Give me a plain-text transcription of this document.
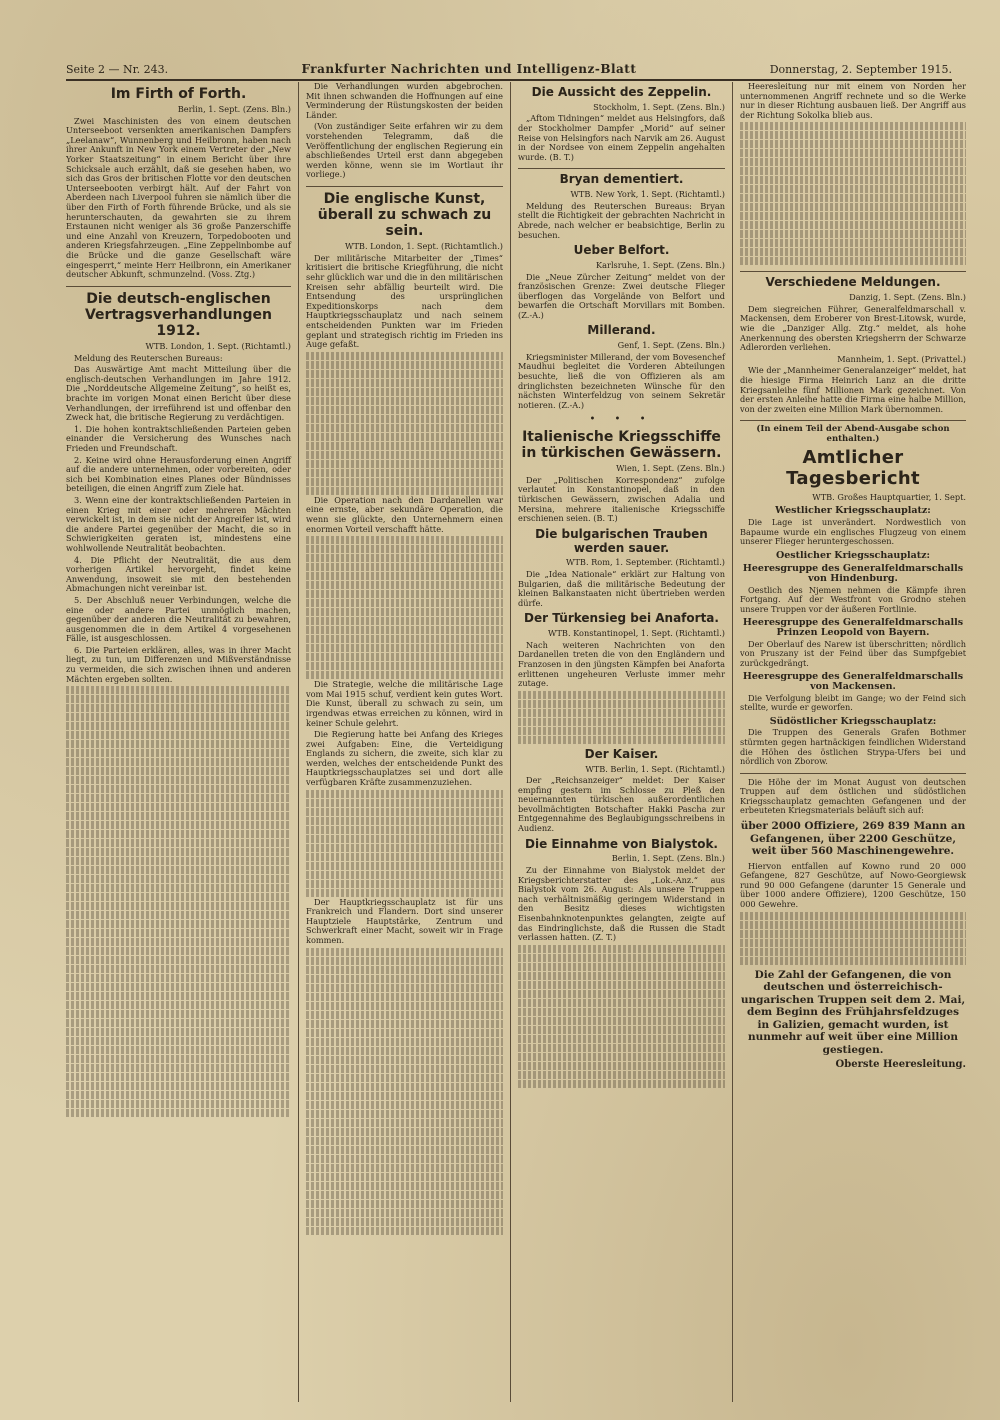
Seite 2 — Nr. 243.	Frankfurter Nachrichten und Intelligenz-Blatt	Donnerstag, 2. September 1915.
Im Firth of Forth.
Berlin, 1. Sept. (Zens. Bln.)

Zwei Maschinisten des von einem deutschen Unterseeboot versenkten amerikanischen Dampfers „Leelanaw“, Wunnenberg und Heilbronn, haben nach ihrer Ankunft in New York einem Vertreter der „New Yorker Staatszeitung“ in einem Bericht über ihre Schicksale auch erzählt, daß sie gesehen haben, wo sich das Gros der britischen Flotte vor den deutschen Unterseebooten verbirgt hält. Auf der Fahrt von Aberdeen nach Liverpool fuhren sie nämlich über die über den Firth of Forth führende Brücke, und als sie herunterschauten, da gewahrten sie zu ihrem Erstaunen nicht weniger als 36 große Panzerschiffe und eine Anzahl von Kreuzern, Torpedobooten und anderen Kriegsfahrzeugen. „Eine Zeppelinbombe auf die Brücke und die ganze Gesellschaft wäre eingesperrt,“ meinte Herr Heilbronn, ein Amerikaner deutscher Abkunft, schmunzelnd. (Voss. Ztg.)

Die deutsch-englischen Vertragsverhandlungen 1912.
WTB. London, 1. Sept. (Richtamtl.)

Meldung des Reuterschen Bureaus:

Das Auswärtige Amt macht Mitteilung über die englisch-deutschen Verhandlungen im Jahre 1912. Die „Norddeutsche Allgemeine Zeitung“, so heißt es, brachte im vorigen Monat einen Bericht über diese Verhandlungen, der irreführend ist und offenbar den Zweck hat, die britische Regierung zu verdächtigen.

1. Die hohen kontraktschließenden Parteien geben einander die Versicherung des Wunsches nach Frieden und Freundschaft.

2. Keine wird ohne Herausforderung einen Angriff auf die andere unternehmen, oder vorbereiten, oder sich bei Kombination eines Planes oder Bündnisses beteiligen, die einen Angriff zum Ziele hat.

3. Wenn eine der kontraktschließenden Parteien in einen Krieg mit einer oder mehreren Mächten verwickelt ist, in dem sie nicht der Angreifer ist, wird die andere Partei gegenüber der Macht, die so in Schwierigkeiten geraten ist, mindestens eine wohlwollende Neutralität beobachten.

4. Die Pflicht der Neutralität, die aus dem vorherigen Artikel hervorgeht, findet keine Anwendung, insoweit sie mit den bestehenden Abmachungen nicht vereinbar ist.

5. Der Abschluß neuer Verbindungen, welche die eine oder andere Partei unmöglich machen, gegenüber der anderen die Neutralität zu bewahren, ausgenommen die in dem Artikel 4 vorgesehenen Fälle, ist ausgeschlossen.

6. Die Parteien erklären, alles, was in ihrer Macht liegt, zu tun, um Differenzen und Mißverständnisse zu vermeiden, die sich zwischen ihnen und anderen Mächten ergeben sollten.

Die Verhandlungen wurden abgebrochen. Mit ihnen schwanden die Hoffnungen auf eine Verminderung der Rüstungskosten der beiden Länder.

(Von zuständiger Seite erfahren wir zu dem vorstehenden Telegramm, daß die Veröffentlichung der englischen Regierung ein abschließendes Urteil erst dann abgegeben werden könne, wenn sie im Wortlaut ihr vorliege.)

Die englische Kunst, überall zu schwach zu sein.
WTB. London, 1. Sept. (Richtamtlich.)

Der militärische Mitarbeiter der „Times“ kritisiert die britische Kriegführung, die nicht sehr glücklich war und die in den militärischen Kreisen sehr abfällig beurteilt wird. Die Entsendung des ursprünglichen Expeditionskorps nach dem Hauptkriegsschauplatz und nach seinem entscheidenden Punkten war im Frieden geplant und strategisch richtig im Frieden ins Auge gefaßt.

Die Operation nach den Dardanellen war eine ernste, aber sekundäre Operation, die wenn sie glückte, den Unternehmern einen enormen Vorteil verschafft hätte.

Die Strategie, welche die militärische Lage vom Mai 1915 schuf, verdient kein gutes Wort. Die Kunst, überall zu schwach zu sein, um irgendwas etwas erreichen zu können, wird in keiner Schule gelehrt.

Die Regierung hatte bei Anfang des Krieges zwei Aufgaben: Eine, die Verteidigung Englands zu sichern, die zweite, sich klar zu werden, welches der entscheidende Punkt des Hauptkriegsschauplatzes sei und dort alle verfügbaren Kräfte zusammenzuziehen.

Der Hauptkriegsschauplatz ist für uns Frankreich und Flandern. Dort sind unserer Hauptziele Hauptstärke, Zentrum und Schwerkraft einer Macht, soweit wir in Frage kommen.

Die Aussicht des Zeppelin.
Stockholm, 1. Sept. (Zens. Bln.)

„Aftom Tidningen“ meldet aus Helsingfors, daß der Stockholmer Dampfer „Morid“ auf seiner Reise von Helsingfors nach Narvik am 26. August in der Nordsee von einem Zeppelin angehalten wurde. (B. T.)

Bryan dementiert.
WTB. New York, 1. Sept. (Richtamtl.)

Meldung des Reuterschen Bureaus: Bryan stellt die Richtigkeit der gebrachten Nachricht in Abrede, nach welcher er beabsichtige, Berlin zu besuchen.

Ueber Belfort.
Karlsruhe, 1. Sept. (Zens. Bln.)

Die „Neue Zürcher Zeitung“ meldet von der französischen Grenze: Zwei deutsche Flieger überflogen das Vorgelände von Belfort und bewarfen die Ortschaft Morvillars mit Bomben. (Z.-A.)

Millerand.
Genf, 1. Sept. (Zens. Bln.)

Kriegsminister Millerand, der vom Bovesenchef Maudhui begleitet die Vorderen Abteilungen besuchte, ließ die von Offizieren als am dringlichsten bezeichneten Wünsche für den nächsten Winterfeldzug von seinem Sekretär notieren. (Z.-A.)

• • •
Italienische Kriegsschiffe in türkischen Gewässern.
Wien, 1. Sept. (Zens. Bln.)

Der „Politischen Korrespondenz“ zufolge verlautet in Konstantinopel, daß in den türkischen Gewässern, zwischen Adalia und Mersina, mehrere italienische Kriegsschiffe erschienen seien. (B. T.)

Die bulgarischen Trauben werden sauer.
WTB. Rom, 1. September. (Richtamtl.)

Die „Idea Nationale“ erklärt zur Haltung von Bulgarien, daß die militärische Bedeutung der kleinen Balkanstaaten nicht übertrieben werden dürfe.

Der Türkensieg bei Anaforta.
WTB. Konstantinopel, 1. Sept. (Richtamtl.)

Nach weiteren Nachrichten von den Dardanellen treten die von den Engländern und Franzosen in den jüngsten Kämpfen bei Anaforta erlittenen ungeheuren Verluste immer mehr zutage.

Der Kaiser.
WTB. Berlin, 1. Sept. (Richtamtl.)

Der „Reichsanzeiger“ meldet: Der Kaiser empfing gestern im Schlosse zu Pleß den neuernannten türkischen außerordentlichen bevollmächtigten Botschafter Hakki Pascha zur Entgegennahme des Beglaubigungsschreibens in Audienz.

Die Einnahme von Bialystok.
Berlin, 1. Sept. (Zens. Bln.)

Zu der Einnahme von Bialystok meldet der Kriegsberichterstatter des „Lok.-Anz.“ aus Bialystok vom 26. August: Als unsere Truppen nach verhältnismäßig geringem Widerstand in den Besitz dieses wichtigsten Eisenbahnknotenpunktes gelangten, zeigte auf das Eindringlichste, daß die Russen die Stadt verlassen hatten. (Z. T.)

Heeresleitung nur mit einem von Norden her unternommenen Angriff rechnete und so die Werke nur in dieser Richtung ausbauen ließ. Der Angriff aus der Richtung Sokolka blieb aus.

Verschiedene Meldungen.
Danzig, 1. Sept. (Zens. Bln.)

Dem siegreichen Führer, Generalfeldmarschall v. Mackensen, dem Eroberer von Brest-Litowsk, wurde, wie die „Danziger Allg. Ztg.“ meldet, als hohe Anerkennung des obersten Kriegsherrn der Schwarze Adlerorden verliehen.

Mannheim, 1. Sept. (Privattel.)

Wie der „Mannheimer Generalanzeiger“ meldet, hat die hiesige Firma Heinrich Lanz an die dritte Kriegsanleihe fünf Millionen Mark gezeichnet. Von der ersten Anleihe hatte die Firma eine halbe Million, von der zweiten eine Million Mark übernommen.

(In einem Teil der Abend-Ausgabe schon enthalten.)
Amtlicher Tagesbericht
WTB. Großes Hauptquartier, 1. Sept.
Westlicher Kriegsschauplatz:

Die Lage ist unverändert. Nordwestlich von Bapaume wurde ein englisches Flugzeug von einem unserer Flieger heruntergeschossen.

Oestlicher Kriegsschauplatz:
Heeresgruppe des Generalfeldmarschalls von Hindenburg.

Oestlich des Njemen nehmen die Kämpfe ihren Fortgang. Auf der Westfront von Grodno stehen unsere Truppen vor der äußeren Fortlinie.

Heeresgruppe des Generalfeldmarschalls Prinzen Leopold von Bayern.

Der Oberlauf des Narew ist überschritten; nördlich von Pruszany ist der Feind über das Sumpfgebiet zurückgedrängt.

Heeresgruppe des Generalfeldmarschalls von Mackensen.

Die Verfolgung bleibt im Gange; wo der Feind sich stellte, wurde er geworfen.

Südöstlicher Kriegsschauplatz:

Die Truppen des Generals Grafen Bothmer stürmten gegen hartnäckigen feindlichen Widerstand die Höhen des östlichen Strypa-Ufers bei und nördlich von Zborow.

Die Höhe der im Monat August von deutschen Truppen auf dem östlichen und südöstlichen Kriegsschauplatz gemachten Gefangenen und der erbeuteten Kriegsmaterials beläuft sich auf:

über 2000 Offiziere, 269 839 Mann an Gefangenen, über 2200 Geschütze, weit über 560 Maschinengewehre.

Hiervon entfallen auf Kowno rund 20 000 Gefangene, 827 Geschütze, auf Nowo-Georgiewsk rund 90 000 Gefangene (darunter 15 Generale und über 1000 andere Offiziere), 1200 Geschütze, 150 000 Gewehre.

Die Zahl der Gefangenen, die von deutschen und österreichisch-ungarischen Truppen seit dem 2. Mai, dem Beginn des Frühjahrsfeldzuges in Galizien, gemacht wurden, ist nunmehr auf weit über eine Million gestiegen.
Oberste Heeresleitung.
